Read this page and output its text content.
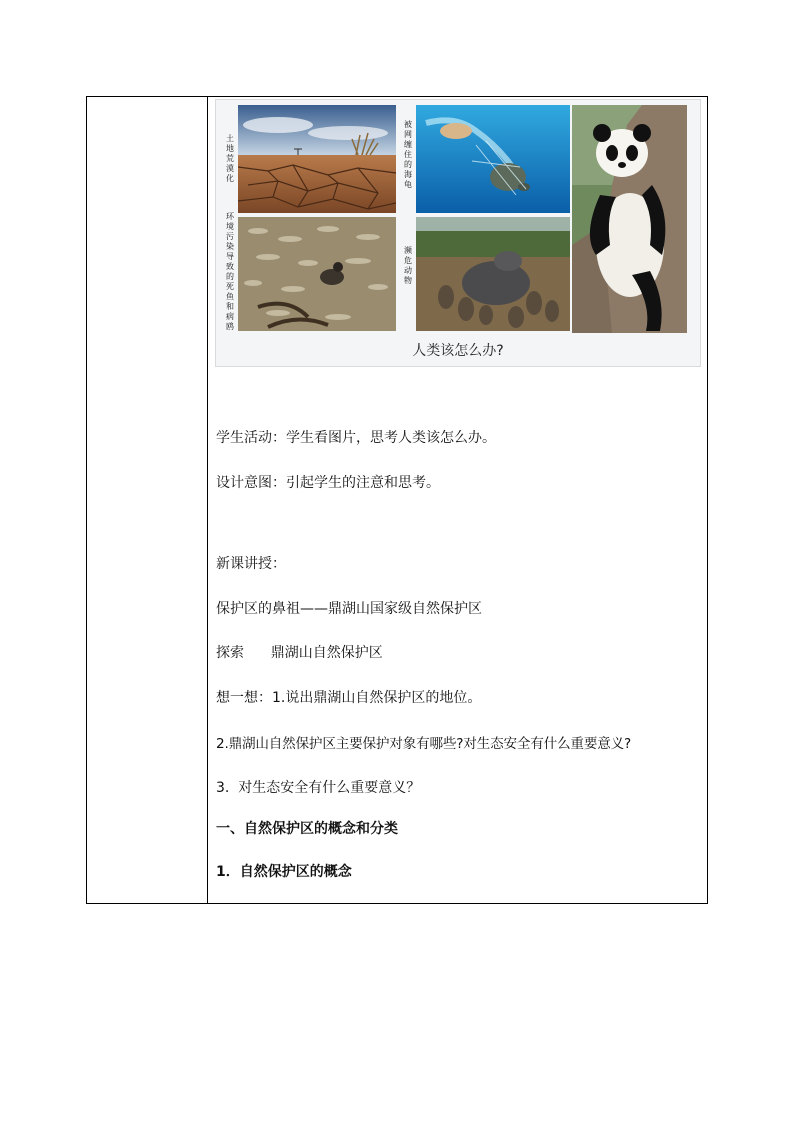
土地荒漠化
被网缠住的海龟
环境污染导致的死鱼和病鸥
濒危动物
人类该怎么办?
学生活动：学生看图片，思考人类该怎么办。
设计意图：引起学生的注意和思考。
新课讲授：
保护区的鼻祖——鼎湖山国家级自然保护区
探索      鼎湖山自然保护区
想一想：1.说出鼎湖山自然保护区的地位。
2.鼎湖山自然保护区主要保护对象有哪些?对生态安全有什么重要意义?
3.  对生态安全有什么重要意义？
一、自然保护区的概念和分类
1．自然保护区的概念
